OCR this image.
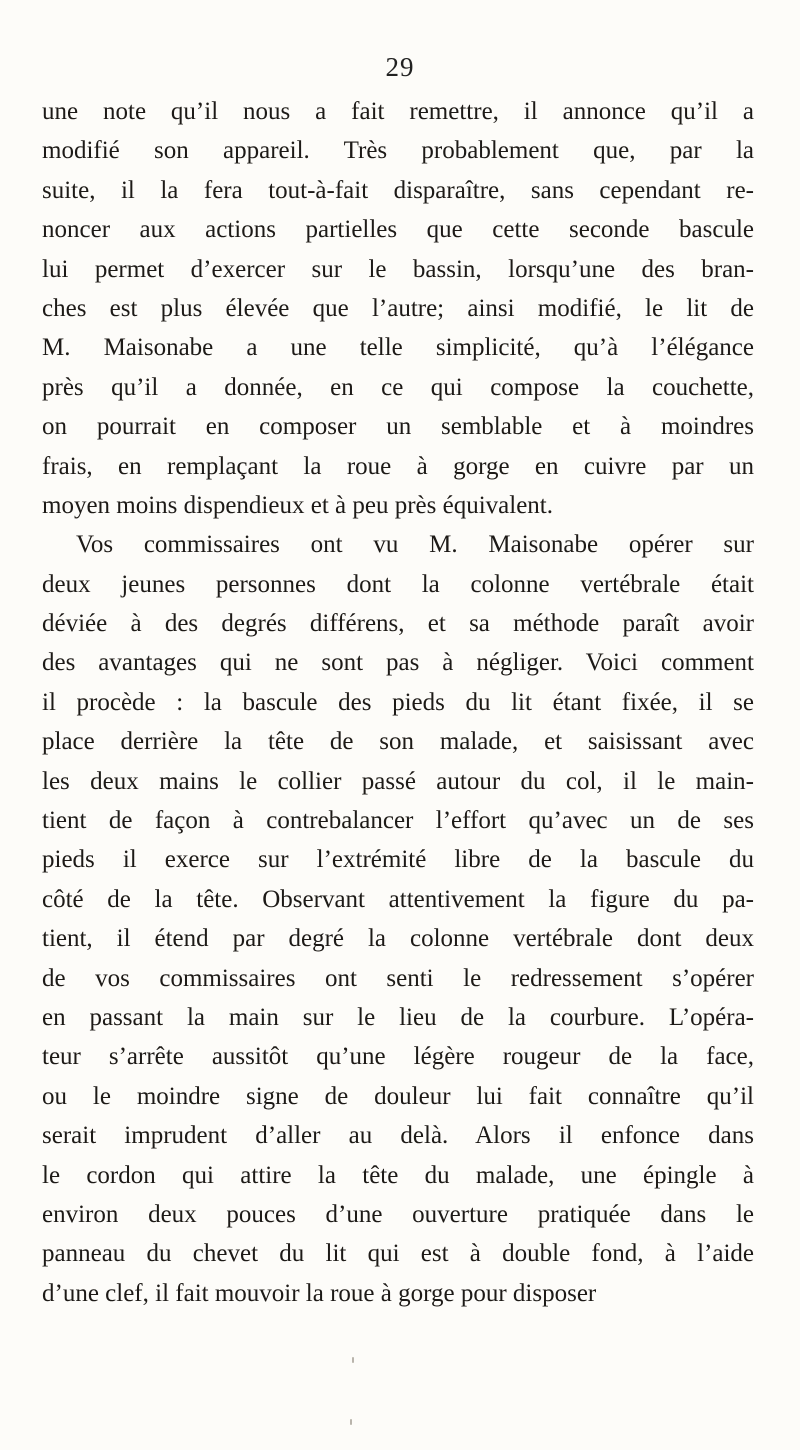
29
une note qu’il nous a fait remettre, il annonce qu’il a
modifié son appareil. Très probablement que, par la
suite, il la fera tout-à-fait disparaître, sans cependant re-
noncer aux actions partielles que cette seconde bascule
lui permet d’exercer sur le bassin, lorsqu’une des bran-
ches est plus élevée que l’autre; ainsi modifié, le lit de
M. Maisonabe a une telle simplicité, qu’à l’élégance
près qu’il a donnée, en ce qui compose la couchette,
on pourrait en composer un semblable et à moindres
frais, en remplaçant la roue à gorge en cuivre par un
moyen moins dispendieux et à peu près équivalent.
Vos commissaires ont vu M. Maisonabe opérer sur
deux jeunes personnes dont la colonne vertébrale était
déviée à des degrés différens, et sa méthode paraît avoir
des avantages qui ne sont pas à négliger. Voici comment
il procède : la bascule des pieds du lit étant fixée, il se
place derrière la tête de son malade, et saisissant avec
les deux mains le collier passé autour du col, il le main-
tient de façon à contrebalancer l’effort qu’avec un de ses
pieds il exerce sur l’extrémité libre de la bascule du
côté de la tête. Observant attentivement la figure du pa-
tient, il étend par degré la colonne vertébrale dont deux
de vos commissaires ont senti le redressement s’opérer
en passant la main sur le lieu de la courbure. L’opéra-
teur s’arrête aussitôt qu’une légère rougeur de la face,
ou le moindre signe de douleur lui fait connaître qu’il
serait imprudent d’aller au delà. Alors il enfonce dans
le cordon qui attire la tête du malade, une épingle à
environ deux pouces d’une ouverture pratiquée dans le
panneau du chevet du lit qui est à double fond, à l’aide
d’une clef, il fait mouvoir la roue à gorge pour disposer
